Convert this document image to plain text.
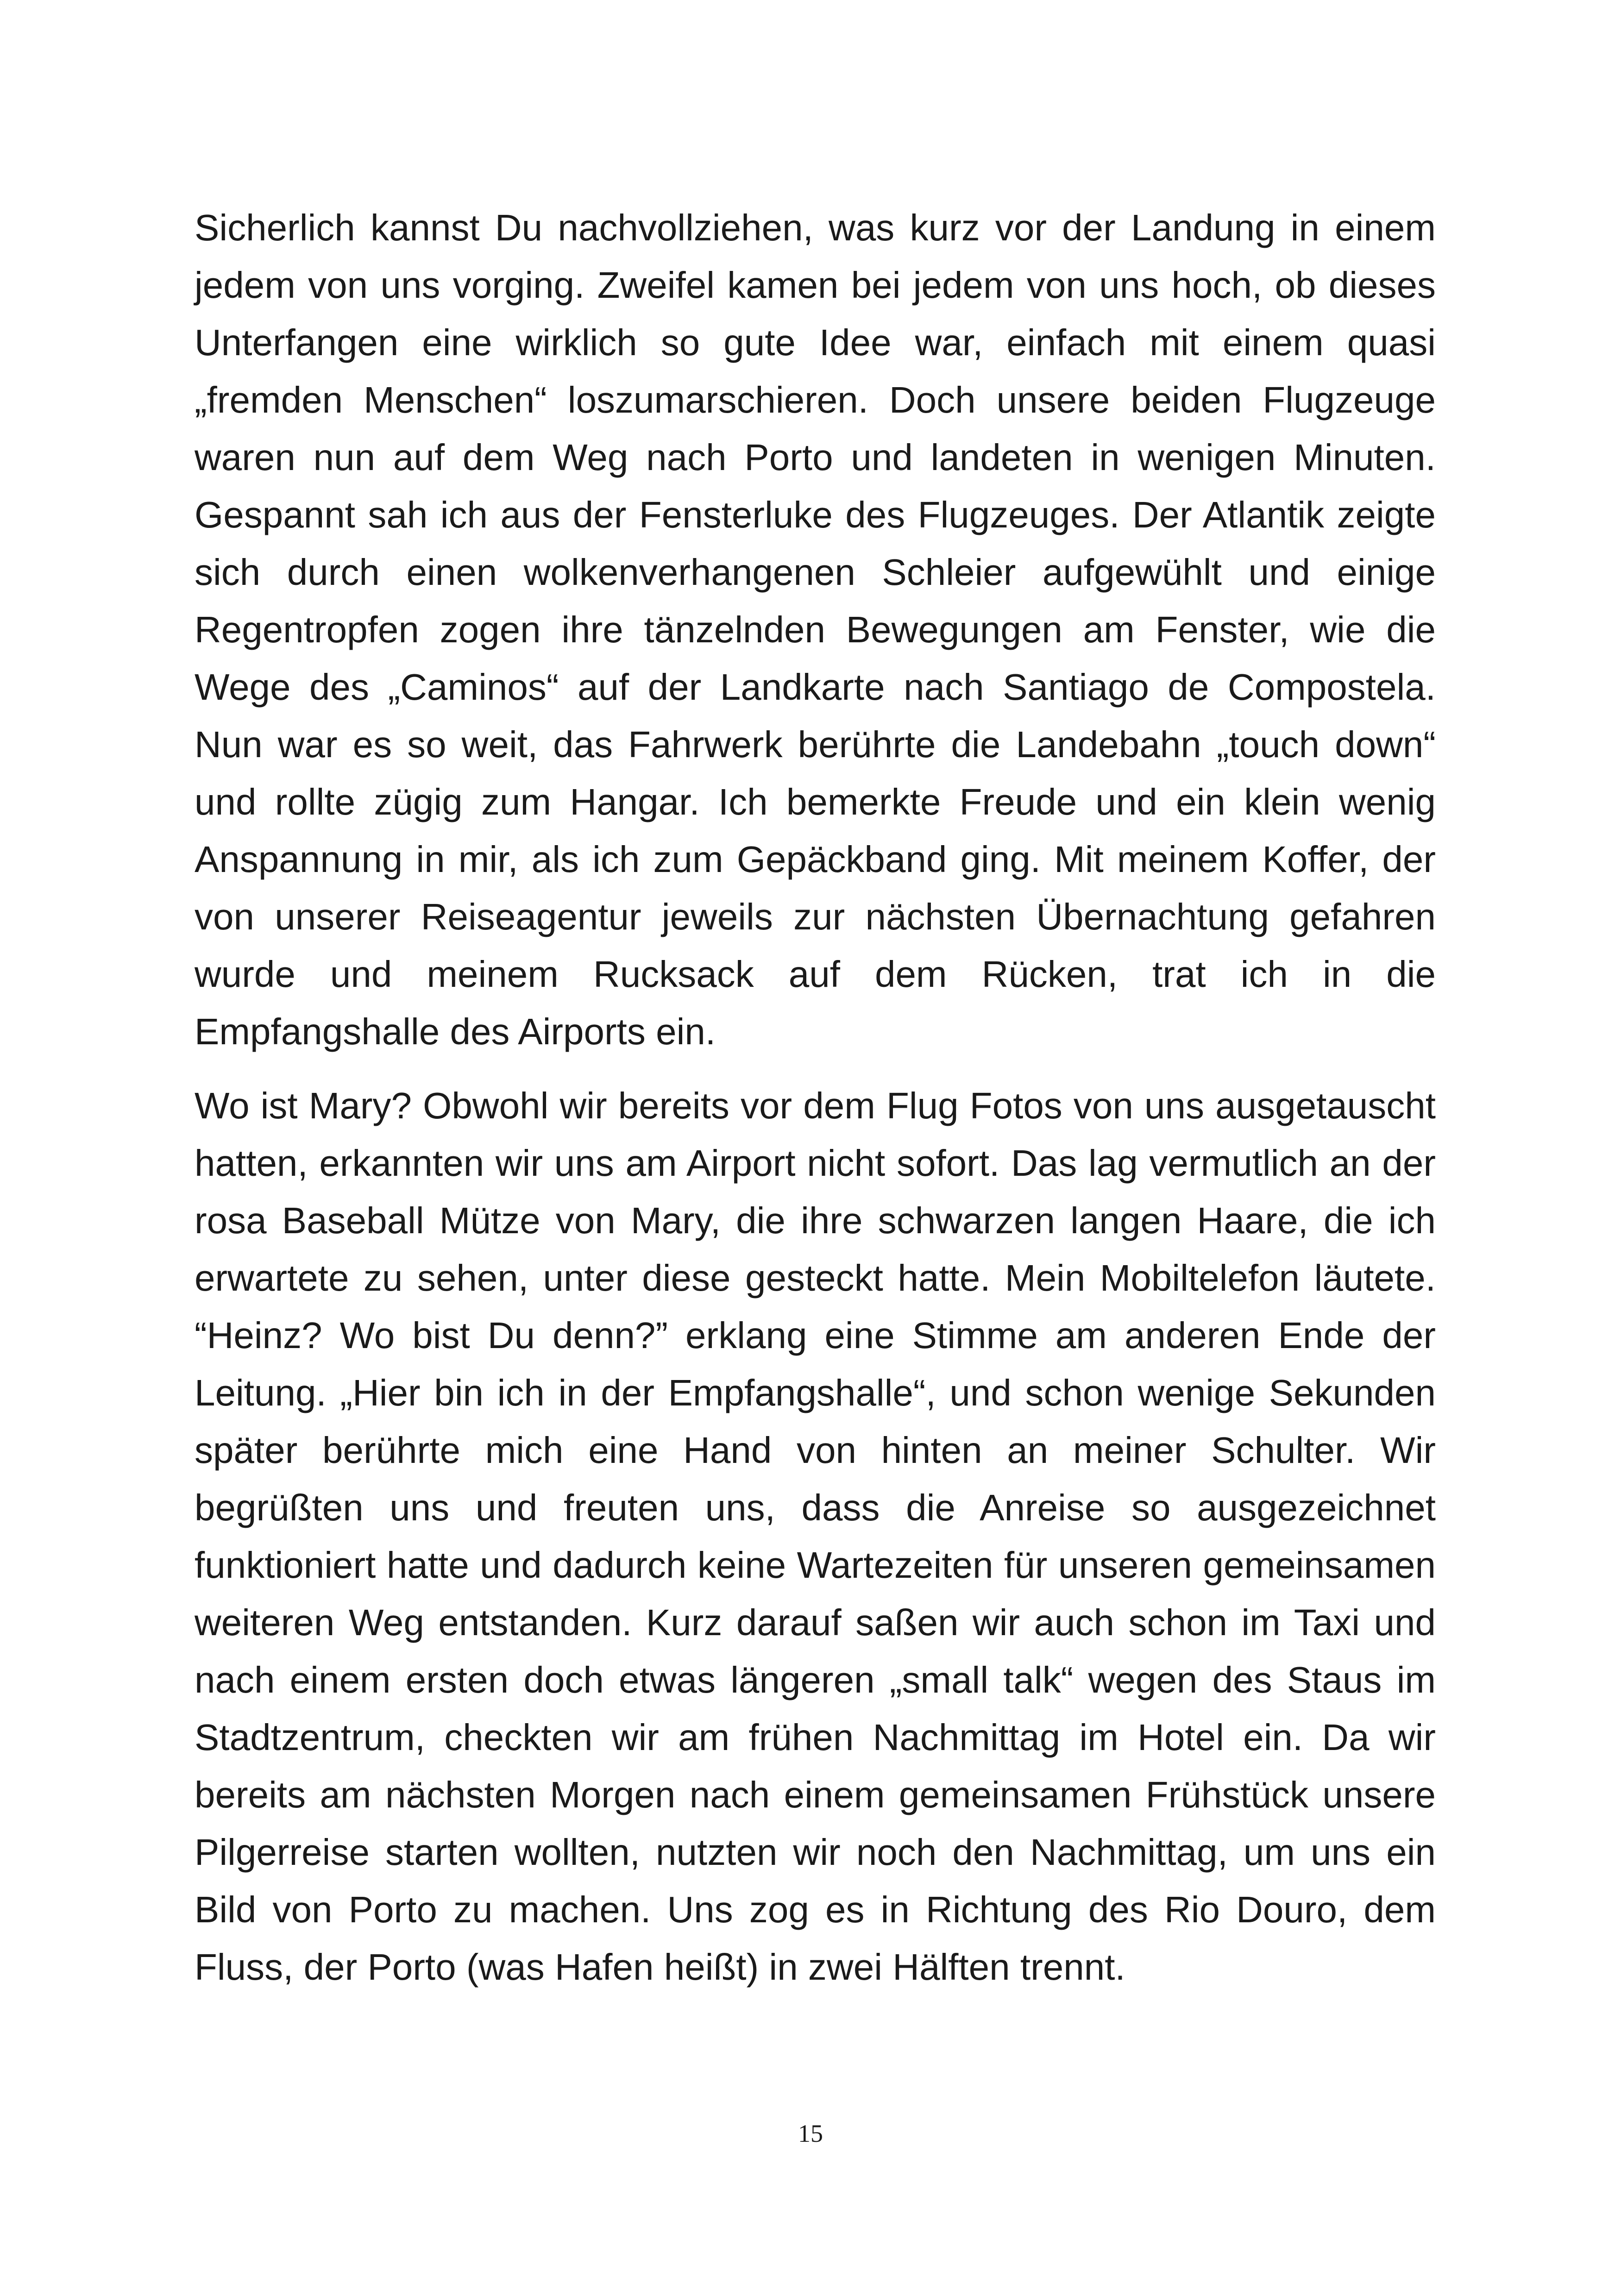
Sicherlich kannst Du nachvollziehen, was kurz vor der Landung in einem jedem von uns vorging. Zweifel kamen bei jedem von uns hoch, ob dieses Unterfangen eine wirklich so gute Idee war, einfach mit einem quasi „fremden Menschen“ loszumarschieren. Doch unsere beiden Flugzeuge waren nun auf dem Weg nach Porto und landeten in wenigen Minuten. Gespannt sah ich aus der Fensterluke des Flugzeuges. Der Atlantik zeigte sich durch einen wolkenverhangenen Schleier aufgewühlt und einige Regentropfen zogen ihre tänzelnden Bewegungen am Fenster, wie die Wege des „Caminos“ auf der Landkarte nach Santiago de Compostela. Nun war es so weit, das Fahrwerk berührte die Landebahn „touch down“ und rollte zügig zum Hangar. Ich bemerkte Freude und ein klein wenig Anspannung in mir, als ich zum Gepäckband ging. Mit meinem Koffer, der von unserer Reiseagentur jeweils zur nächsten Übernachtung gefahren wurde und meinem Rucksack auf dem Rücken, trat ich in die Empfangshalle des Airports ein.

Wo ist Mary? Obwohl wir bereits vor dem Flug Fotos von uns ausgetauscht hatten, erkannten wir uns am Airport nicht sofort. Das lag vermutlich an der rosa Baseball Mütze von Mary, die ihre schwarzen langen Haare, die ich erwartete zu sehen, unter diese gesteckt hatte. Mein Mobiltelefon läutete. “Heinz? Wo bist Du denn?” erklang eine Stimme am anderen Ende der Leitung. „Hier bin ich in der Empfangshalle“, und schon wenige Sekunden später berührte mich eine Hand von hinten an meiner Schulter. Wir begrüßten uns und freuten uns, dass die Anreise so ausgezeichnet funktioniert hatte und dadurch keine Wartezeiten für unseren gemeinsamen weiteren Weg entstanden. Kurz darauf saßen wir auch schon im Taxi und nach einem ersten doch etwas längeren „small talk“ wegen des Staus im Stadtzentrum, checkten wir am frühen Nachmittag im Hotel ein. Da wir bereits am nächsten Morgen nach einem gemeinsamen Frühstück unsere Pilgerreise starten wollten, nutzten wir noch den Nachmittag, um uns ein Bild von Porto zu machen. Uns zog es in Richtung des Rio Douro, dem Fluss, der Porto (was Hafen heißt) in zwei Hälften trennt.

15
